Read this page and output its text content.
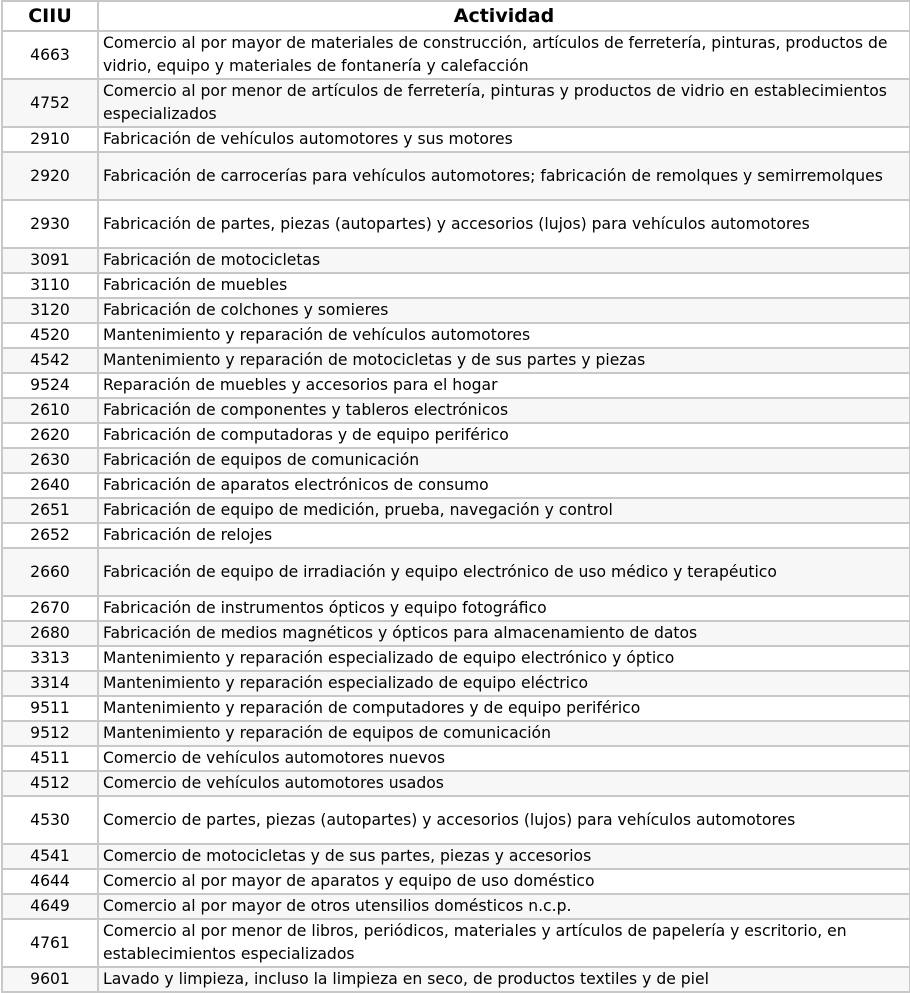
CIIU	Actividad
4663	Comercio al por mayor de materiales de construcción, artículos de ferretería, pinturas, productos de vidrio, equipo y materiales de fontanería y calefacción
4752	Comercio al por menor de artículos de ferretería, pinturas y productos de vidrio en establecimientos especializados
2910	Fabricación de vehículos automotores y sus motores
2920	Fabricación de carrocerías para vehículos automotores; fabricación de remolques y semirremolques
2930	Fabricación de partes, piezas (autopartes) y accesorios (lujos) para vehículos automotores
3091	Fabricación de motocicletas
3110	Fabricación de muebles
3120	Fabricación de colchones y somieres
4520	Mantenimiento y reparación de vehículos automotores
4542	Mantenimiento y reparación de motocicletas y de sus partes y piezas
9524	Reparación de muebles y accesorios para el hogar
2610	Fabricación de componentes y tableros electrónicos
2620	Fabricación de computadoras y de equipo periférico
2630	Fabricación de equipos de comunicación
2640	Fabricación de aparatos electrónicos de consumo
2651	Fabricación de equipo de medición, prueba, navegación y control
2652	Fabricación de relojes
2660	Fabricación de equipo de irradiación y equipo electrónico de uso médico y terapéutico
2670	Fabricación de instrumentos ópticos y equipo fotográfico
2680	Fabricación de medios magnéticos y ópticos para almacenamiento de datos
3313	Mantenimiento y reparación especializado de equipo electrónico y óptico
3314	Mantenimiento y reparación especializado de equipo eléctrico
9511	Mantenimiento y reparación de computadores y de equipo periférico
9512	Mantenimiento y reparación de equipos de comunicación
4511	Comercio de vehículos automotores nuevos
4512	Comercio de vehículos automotores usados
4530	Comercio de partes, piezas (autopartes) y accesorios (lujos) para vehículos automotores
4541	Comercio de motocicletas y de sus partes, piezas y accesorios
4644	Comercio al por mayor de aparatos y equipo de uso doméstico
4649	Comercio al por mayor de otros utensilios domésticos n.c.p.
4761	Comercio al por menor de libros, periódicos, materiales y artículos de papelería y escritorio, en establecimientos especializados
9601	Lavado y limpieza, incluso la limpieza en seco, de productos textiles y de piel
